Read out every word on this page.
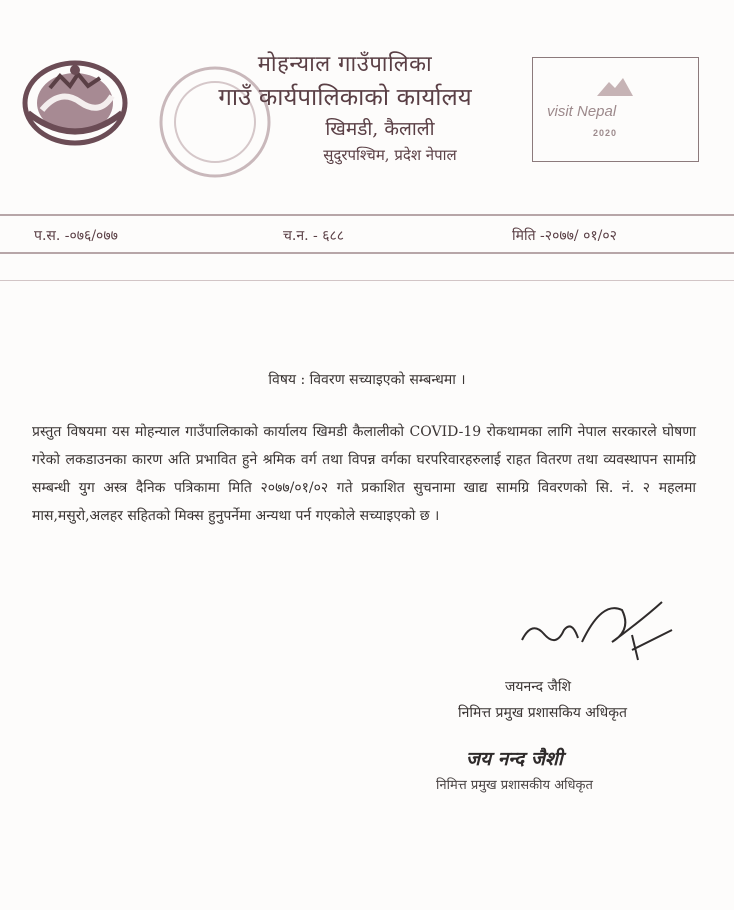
मोहन्याल गाउँपालिका
गाउँ कार्यपालिकाको कार्यालय
खिमडी, कैलाली
सुदुरपश्चिम, प्रदेश नेपाल
visit Nepal
2020
प.स. -०७६/०७७	च.न. - ६८८	मिति -२०७७/ ०१/०२
विषय : विवरण सच्याइएको सम्बन्धमा ।
प्रस्तुत विषयमा यस मोहन्याल गाउँपालिकाको कार्यालय खिमडी कैलालीको COVID-19 रोकथामका लागि नेपाल सरकारले घोषणा गरेको लकडाउनका कारण अति प्रभावित हुने श्रमिक वर्ग तथा विपन्न वर्गका घरपरिवारहरुलाई राहत वितरण तथा व्यवस्थापन सामग्रि सम्बन्धी युग अस्त्र दैनिक पत्रिकामा मिति २०७७/०१/०२ गते प्रकाशित सुचनामा खाद्य सामग्रि विवरणको सि. नं. २ महलमा मास,मसुरो,अलहर सहितको मिक्स हुनुपर्नेमा अन्यथा पर्न गएकोले सच्याइएको छ ।
जयनन्द जैशि
निमित्त प्रमुख प्रशासकिय अधिकृत
जय नन्द जैशी
निमित्त प्रमुख प्रशासकीय अधिकृत
